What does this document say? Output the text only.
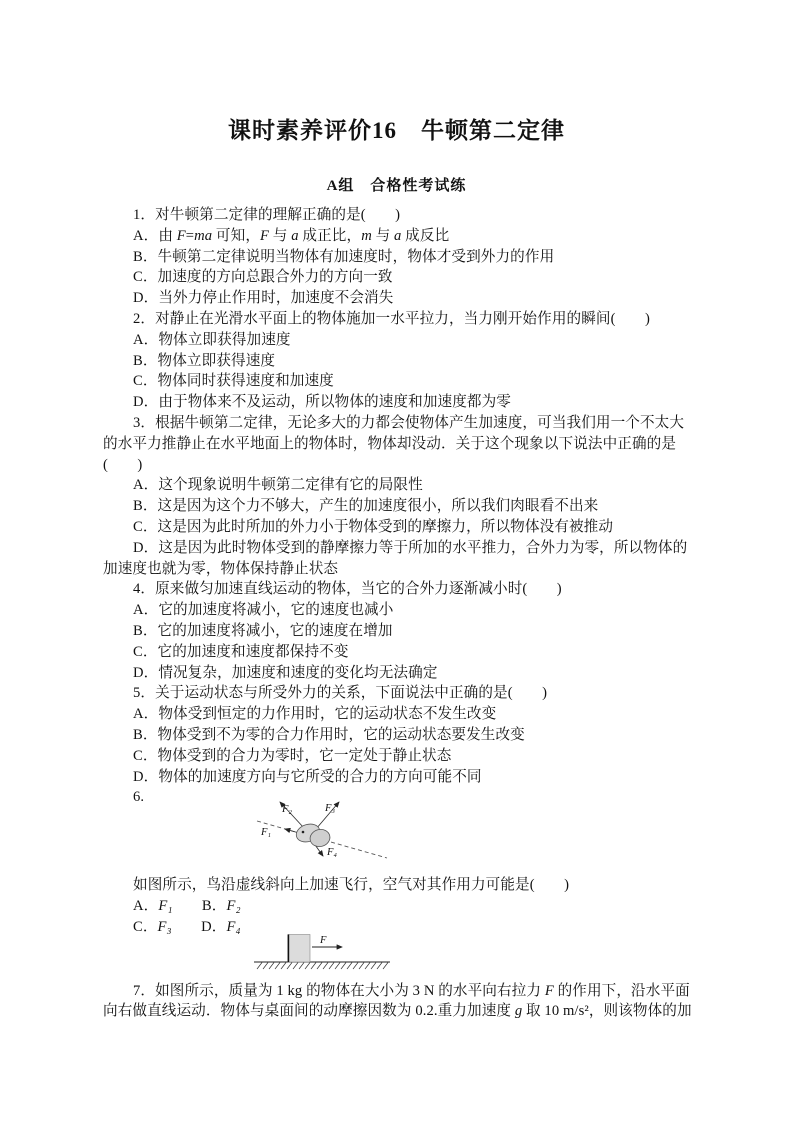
课时素养评价16　牛顿第二定律
A组　合格性考试练
1．对牛顿第二定律的理解正确的是(　　)
A．由 F=ma 可知，F 与 a 成正比，m 与 a 成反比
B．牛顿第二定律说明当物体有加速度时，物体才受到外力的作用
C．加速度的方向总跟合外力的方向一致
D．当外力停止作用时，加速度不会消失
2．对静止在光滑水平面上的物体施加一水平拉力，当力刚开始作用的瞬间(　　)
A．物体立即获得加速度
B．物体立即获得速度
C．物体同时获得速度和加速度
D．由于物体来不及运动，所以物体的速度和加速度都为零
3．根据牛顿第二定律，无论多大的力都会使物体产生加速度，可当我们用一个不太大
的水平力推静止在水平地面上的物体时，物体却没动．关于这个现象以下说法中正确的是
(　　)
A．这个现象说明牛顿第二定律有它的局限性
B．这是因为这个力不够大，产生的加速度很小，所以我们肉眼看不出来
C．这是因为此时所加的外力小于物体受到的摩擦力，所以物体没有被推动
D．这是因为此时物体受到的静摩擦力等于所加的水平推力，合外力为零，所以物体的
加速度也就为零，物体保持静止状态
4．原来做匀加速直线运动的物体，当它的合外力逐渐减小时(　　)
A．它的加速度将减小，它的速度也减小
B．它的加速度将减小，它的速度在增加
C．它的加速度和速度都保持不变
D．情况复杂，加速度和速度的变化均无法确定
5．关于运动状态与所受外力的关系，下面说法中正确的是(　　)
A．物体受到恒定的力作用时，它的运动状态不发生改变
B．物体受到不为零的合力作用时，它的运动状态要发生改变
C．物体受到的合力为零时，它一定处于静止状态
D．物体的加速度方向与它所受的合力的方向可能不同
6.
F₂	F₃
F₁
F₄
如图所示，鸟沿虚线斜向上加速飞行，空气对其作用力可能是(　　)
A．F₁　　B．F₂
C．F₃　　D．F₄
F
7．如图所示，质量为 1 kg 的物体在大小为 3 N 的水平向右拉力 F 的作用下，沿水平面
向右做直线运动．物体与桌面间的动摩擦因数为 0.2.重力加速度 g 取 10 m/s²，则该物体的加
